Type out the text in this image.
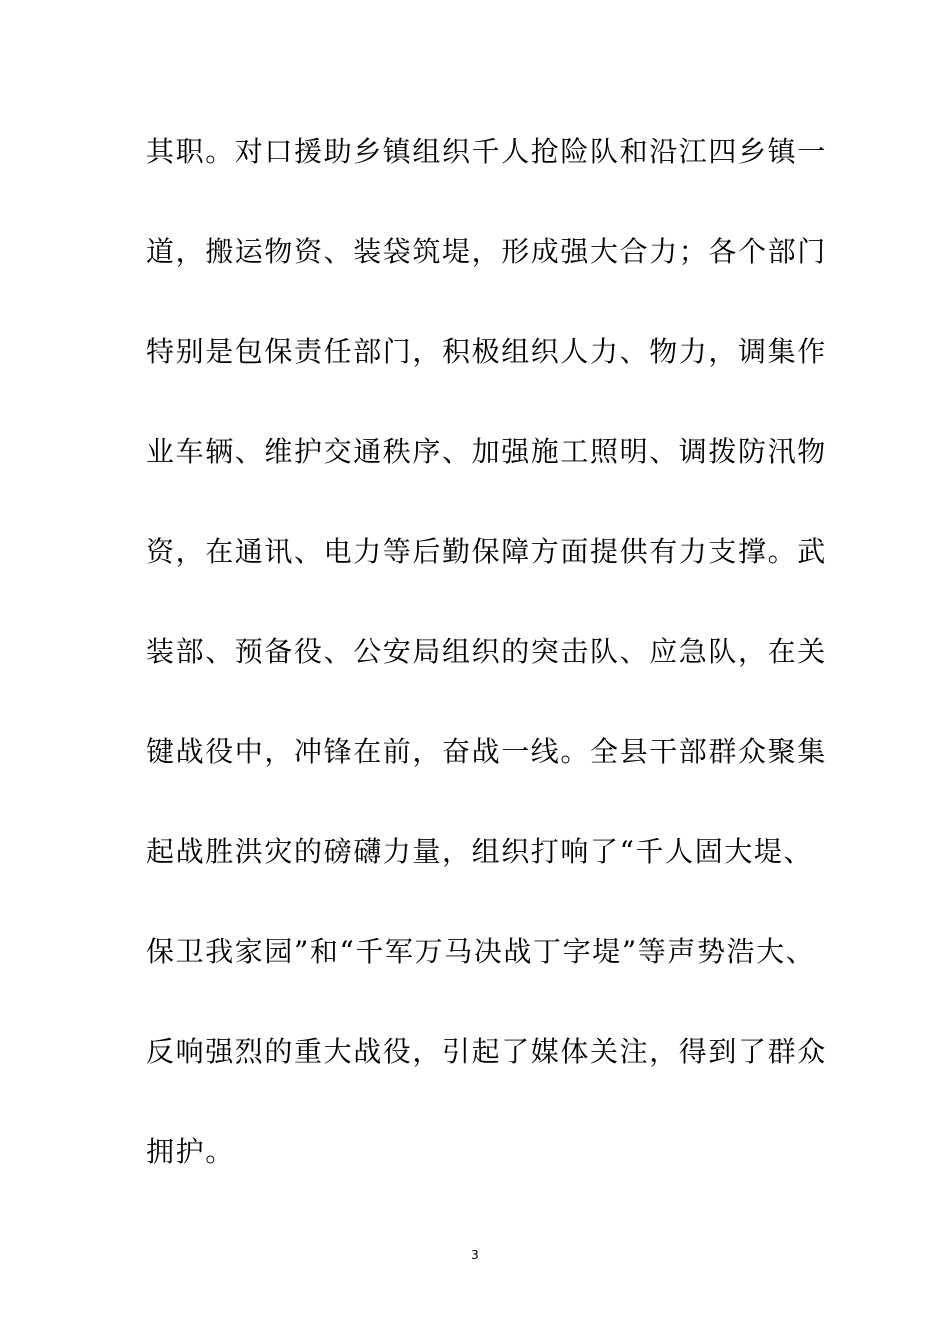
其职。对口援助乡镇组织千人抢险队和沿江四乡镇一
道，搬运物资、装袋筑堤，形成强大合力；各个部门
特别是包保责任部门，积极组织人力、物力，调集作
业车辆、维护交通秩序、加强施工照明、调拨防汛物
资，在通讯、电力等后勤保障方面提供有力支撑。武
装部、预备役、公安局组织的突击队、应急队，在关
键战役中，冲锋在前，奋战一线。全县干部群众聚集
起战胜洪灾的磅礴力量，组织打响了“千人固大堤、
保卫我家园”和“千军万马决战丁字堤”等声势浩大、
反响强烈的重大战役，引起了媒体关注，得到了群众
拥护。
3
